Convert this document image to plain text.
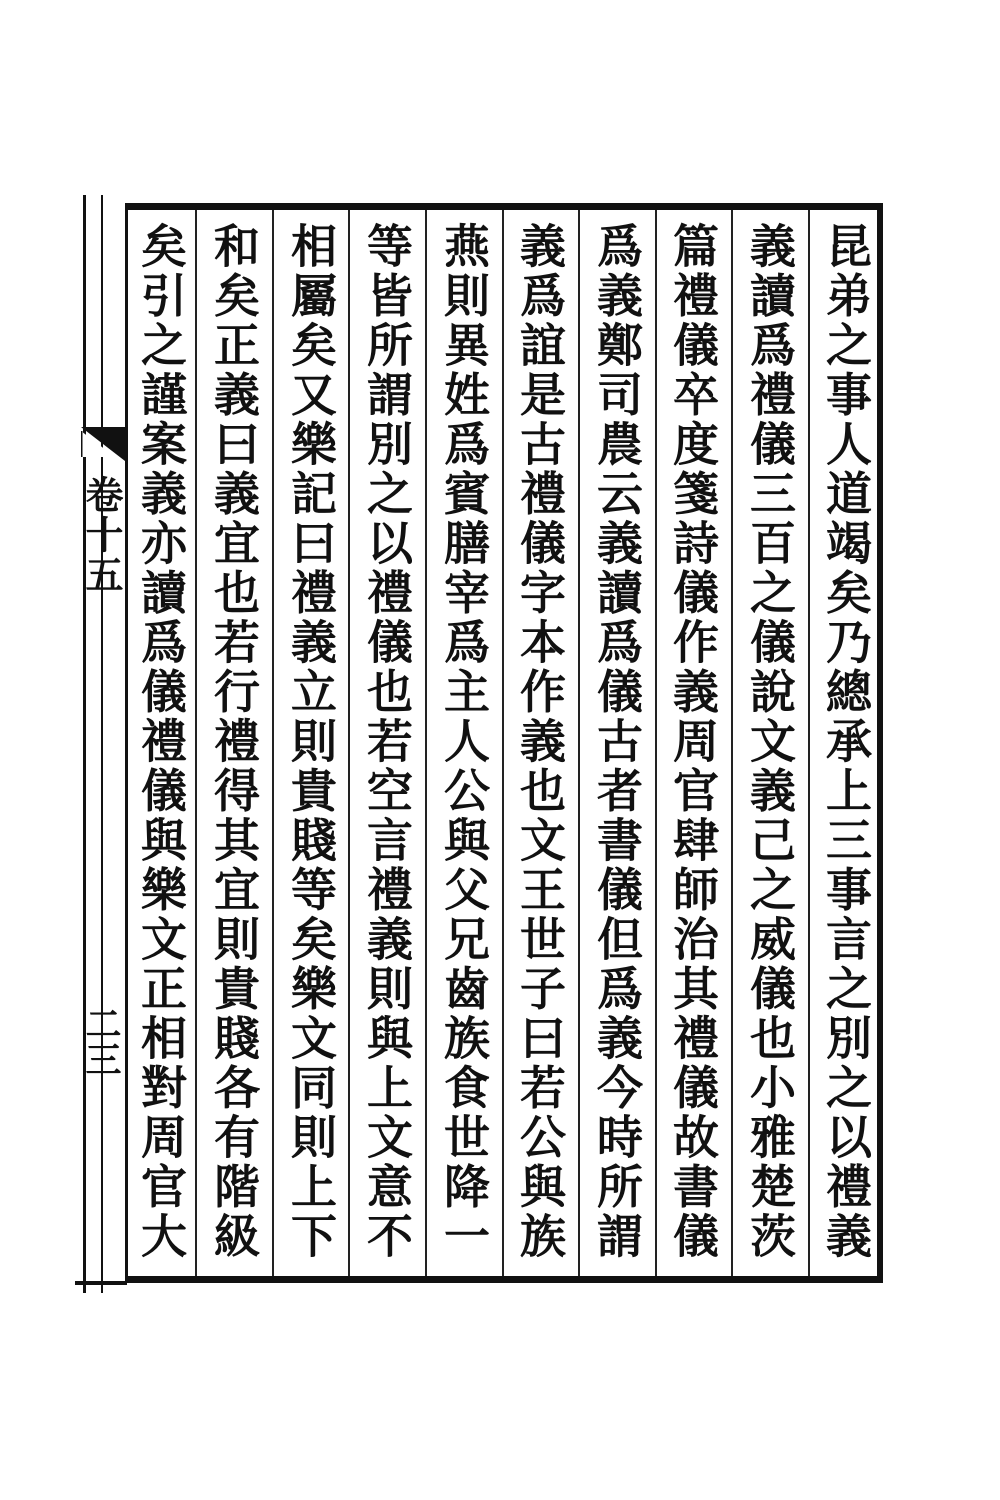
卷十五
二三	昆弟之事人道竭矣乃總承上三事言之別之以禮義
義讀爲禮儀三百之儀說文義己之威儀也小雅楚茨
篇禮儀卒度箋詩儀作義周官肆師治其禮儀故書儀
爲義鄭司農云義讀爲儀古者書儀但爲義今時所謂
義爲誼是古禮儀字本作義也文王世子曰若公與族
燕則異姓爲賓膳宰爲主人公與父兄齒族食世降一
等皆所謂別之以禮儀也若空言禮義則與上文意不
相屬矣又樂記曰禮義立則貴賤等矣樂文同則上下
和矣正義曰義宜也若行禮得其宜則貴賤各有階級
矣引之謹案義亦讀爲儀禮儀與樂文正相對周官大
